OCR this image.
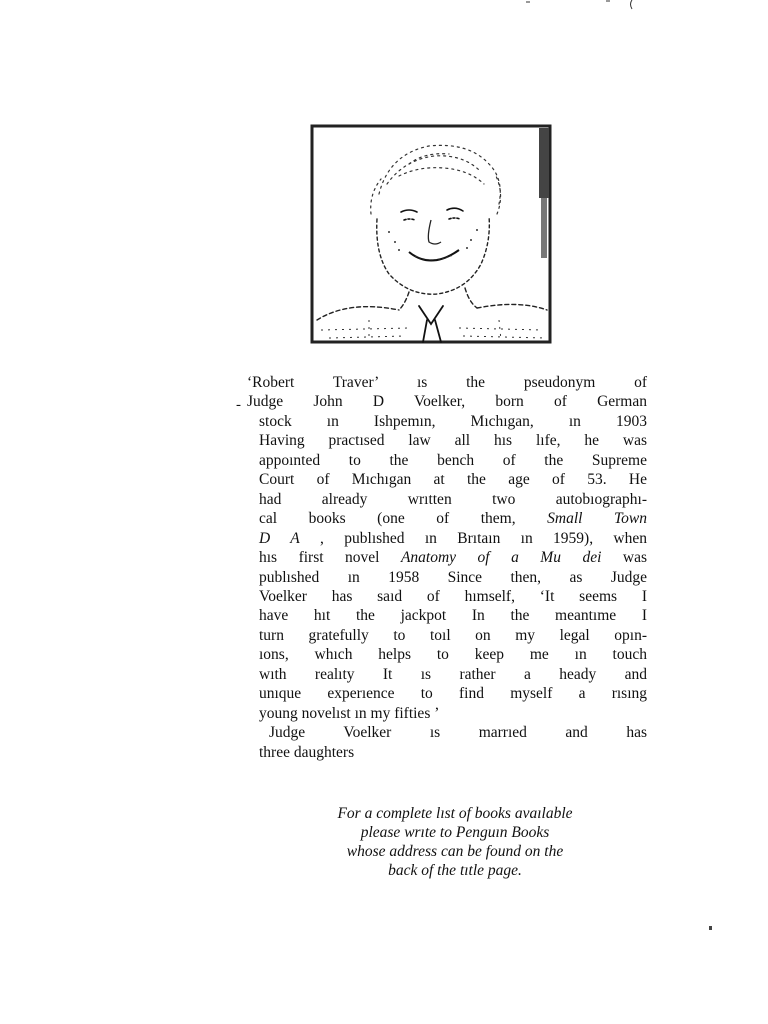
-
‘Robert Traver’ ıs the pseudonym of
Judge John D Voelker, born of German
stock ın Ishpemın, Mıchıgan, ın 1903
Having practısed law all hıs lıfe, he was
appoınted to the bench of the Supreme
Court of Mıchıgan at the age of 53. He
had already wrıtten two autobıographı-
cal books (one of them, Small Town
D A , publıshed ın Brıtaın ın 1959), when
hıs first novel Anatomy of a Mu dei was
publıshed ın 1958 Since then, as Judge
Voelker has saıd of hımself, ‘It seems I
have hıt the jackpot In the meantıme I
turn gratefully to toıl on my legal opın-
ıons, whıch helps to keep me ın touch
wıth realıty It ıs rather a heady and
unıque experıence to find myself a rısıng
young novelıst ın my fifties ’
Judge Voelker ıs marrıed and has
three daughters
For a complete lıst of books avaılable
please wrıte to Penguın Books
whose address can be found on the
back of the tıtle page.
